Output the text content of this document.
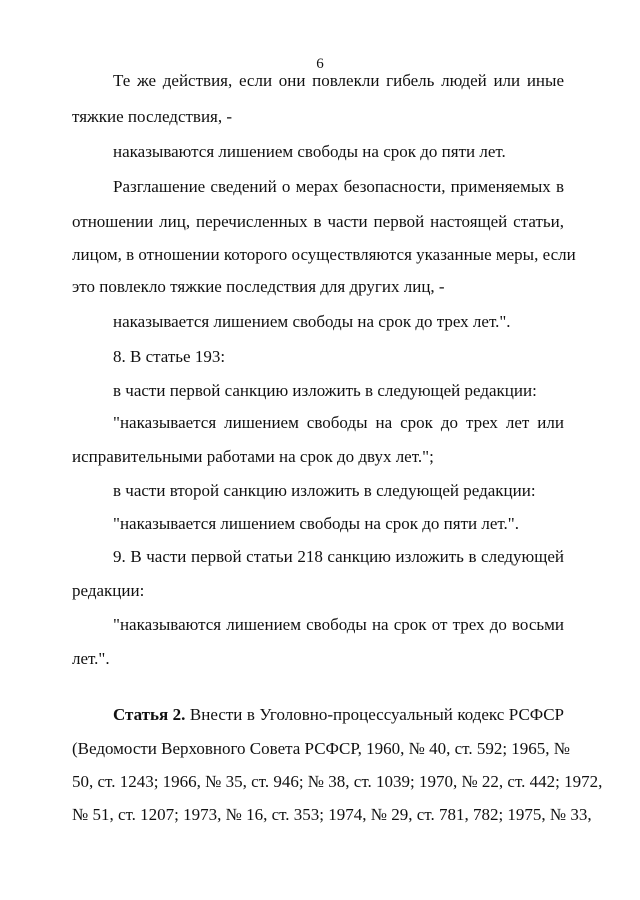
6
Те же действия, если они повлекли гибель людей или иные
тяжкие последствия, -
наказываются лишением свободы на срок до пяти лет.
Разглашение сведений о мерах безопасности, применяемых в
отношении лиц, перечисленных в части первой настоящей статьи,
лицом, в отношении которого осуществляются указанные меры, если
это повлекло тяжкие последствия для других лиц, -
наказывается лишением свободы на срок до трех лет.".
8. В статье 193:
в части первой санкцию изложить в следующей редакции:
"наказывается лишением свободы на срок до трех лет или
исправительными работами на срок до двух лет.";
в части второй санкцию изложить в следующей редакции:
"наказывается лишением свободы на срок до пяти лет.".
9. В части первой статьи 218 санкцию изложить в следующей
редакции:
"наказываются лишением свободы на срок от трех до восьми
лет.".
Статья 2. Внести в Уголовно-процессуальный кодекс РСФСР
(Ведомости Верховного Совета РСФСР, 1960, № 40, ст. 592; 1965, №
50, ст. 1243; 1966, № 35, ст. 946; № 38, ст. 1039; 1970, № 22, ст. 442; 1972,
№ 51, ст. 1207; 1973, № 16, ст. 353; 1974, № 29, ст. 781, 782; 1975, № 33,
